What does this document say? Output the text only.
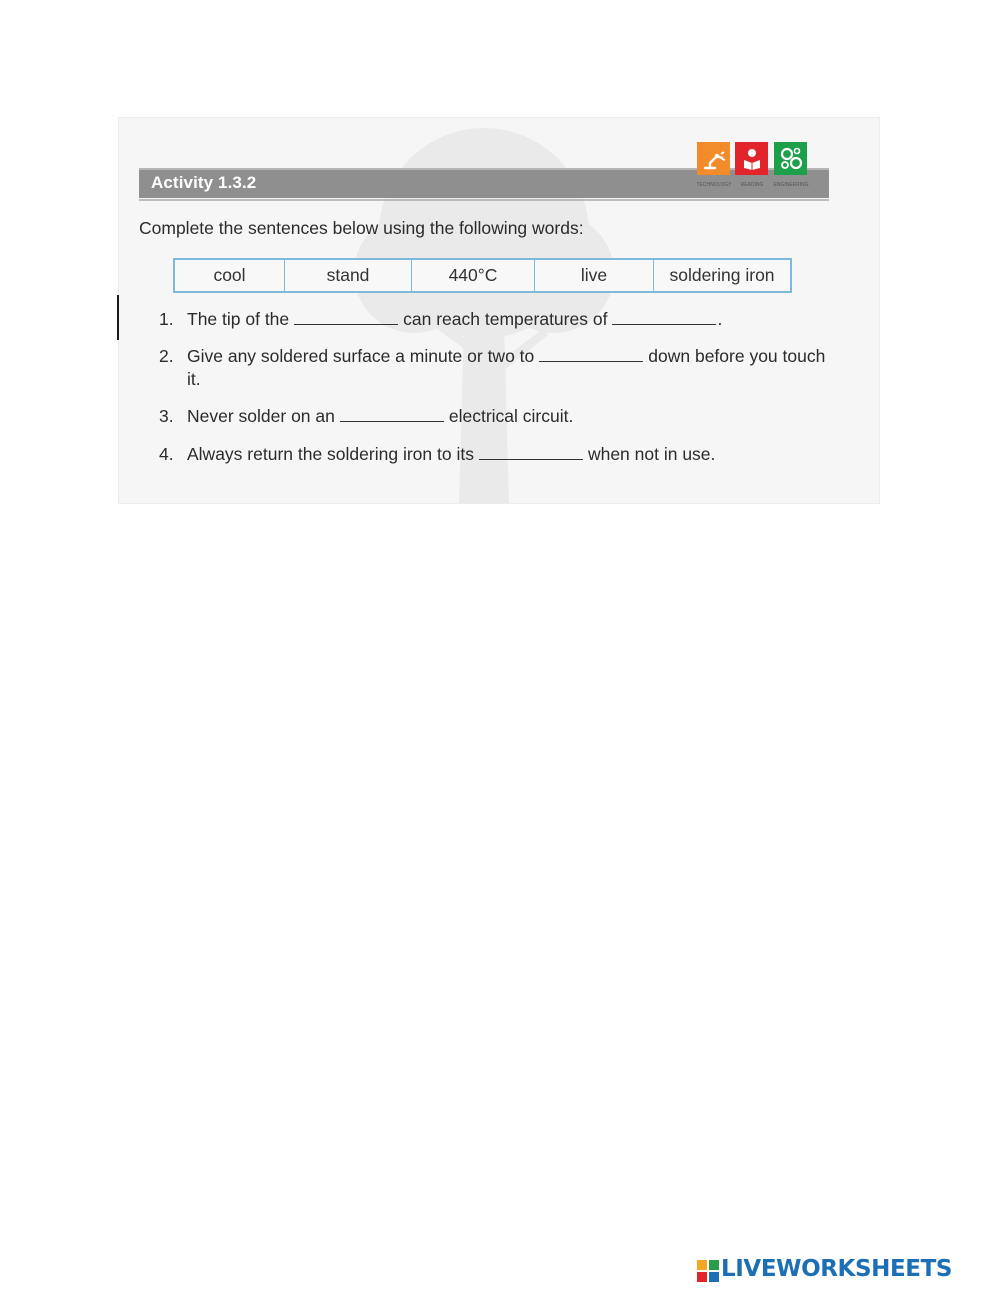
Activity 1.3.2	TECHNOLOGY	READING	ENGINEERING
Complete the sentences below using the following words:
cool	stand	440°C	live	soldering iron
1. The tip of the	can reach temperatures of	.
2. Give any soldered surface a minute or two to	down before you touch
it.
3. Never solder on an	electrical circuit.
4. Always return the soldering iron to its	when not in use.
LIVEWORKSHEETS
